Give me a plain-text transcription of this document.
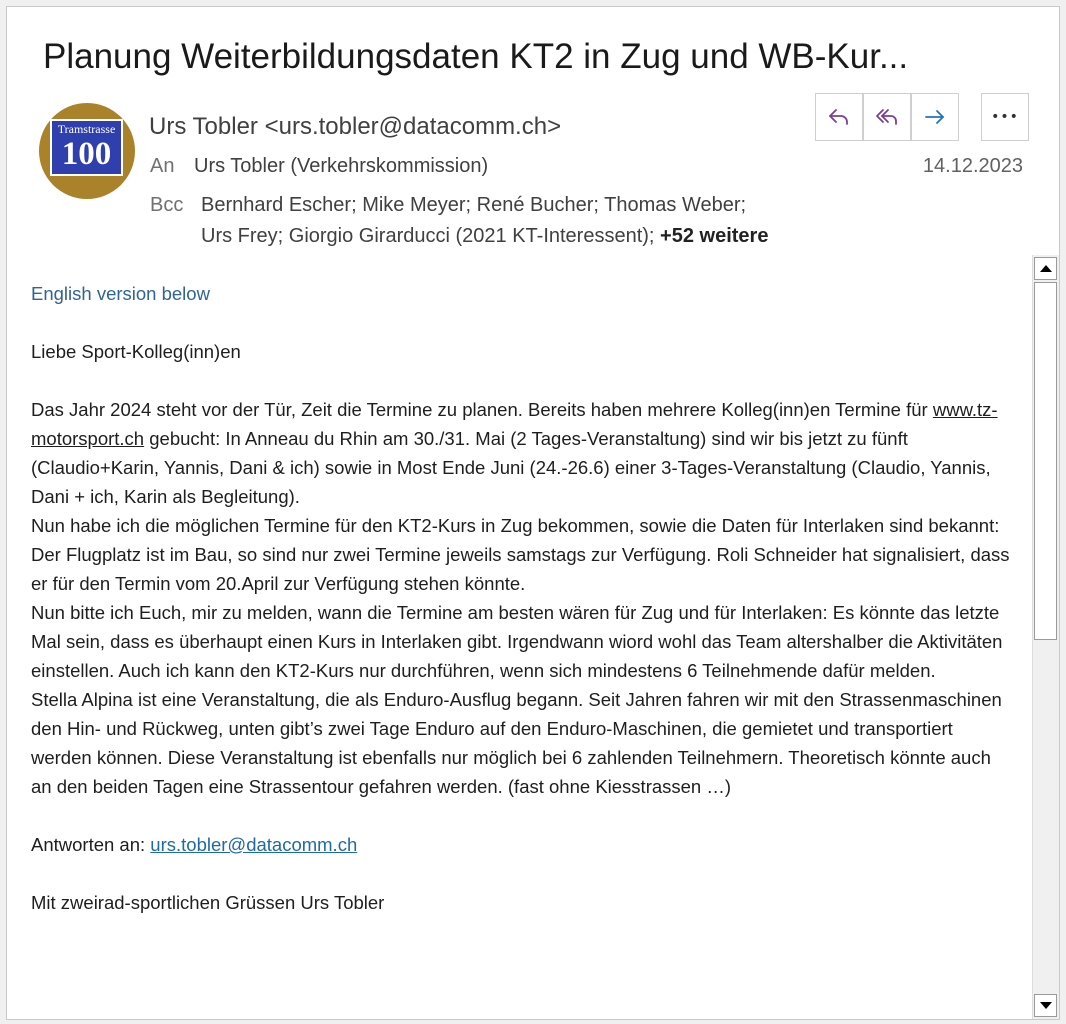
Planung Weiterbildungsdaten KT2 in Zug und WB-Kur...
Tramstrasse
100
Urs Tobler <urs.tobler@datacomm.ch>
An Urs Tobler (Verkehrskommission)	14.12.2023
Bcc Bernhard Escher; Mike Meyer; René Bucher; Thomas Weber;
Urs Frey; Giorgio Girarducci (2021 KT-Interessent); +52 weitere
•••

English version below

Liebe Sport-Kolleg(inn)en

Das Jahr 2024 steht vor der Tür, Zeit die Termine zu planen. Bereits haben mehrere Kolleg(inn)en Termine für www.tz-motorsport.ch gebucht: In Anneau du Rhin am 30./31. Mai (2 Tages-Veranstaltung) sind wir bis jetzt zu fünft (Claudio+Karin, Yannis, Dani & ich) sowie in Most Ende Juni (24.-26.6) einer 3-Tages-Veranstaltung (Claudio, Yannis, Dani + ich, Karin als Begleitung).

Nun habe ich die möglichen Termine für den KT2-Kurs in Zug bekommen, sowie die Daten für Interlaken sind bekannt: Der Flugplatz ist im Bau, so sind nur zwei Termine jeweils samstags zur Verfügung. Roli Schneider hat signalisiert, dass er für den Termin vom 20.April zur Verfügung stehen könnte.

Nun bitte ich Euch, mir zu melden, wann die Termine am besten wären für Zug und für Interlaken: Es könnte das letzte Mal sein, dass es überhaupt einen Kurs in Interlaken gibt. Irgendwann wiord wohl das Team altershalber die Aktivitäten einstellen. Auch ich kann den KT2-Kurs nur durchführen, wenn sich mindestens 6 Teilnehmende dafür melden.

Stella Alpina ist eine Veranstaltung, die als Enduro-Ausflug begann. Seit Jahren fahren wir mit den Strassenmaschinen den Hin- und Rückweg, unten gibt’s zwei Tage Enduro auf den Enduro-Maschinen, die gemietet und transportiert werden können. Diese Veranstaltung ist ebenfalls nur möglich bei 6 zahlenden Teilnehmern. Theoretisch könnte auch an den beiden Tagen eine Strassentour gefahren werden. (fast ohne Kiesstrassen …)

Antworten an: urs.tobler@datacomm.ch

Mit zweirad-sportlichen Grüssen Urs Tobler
